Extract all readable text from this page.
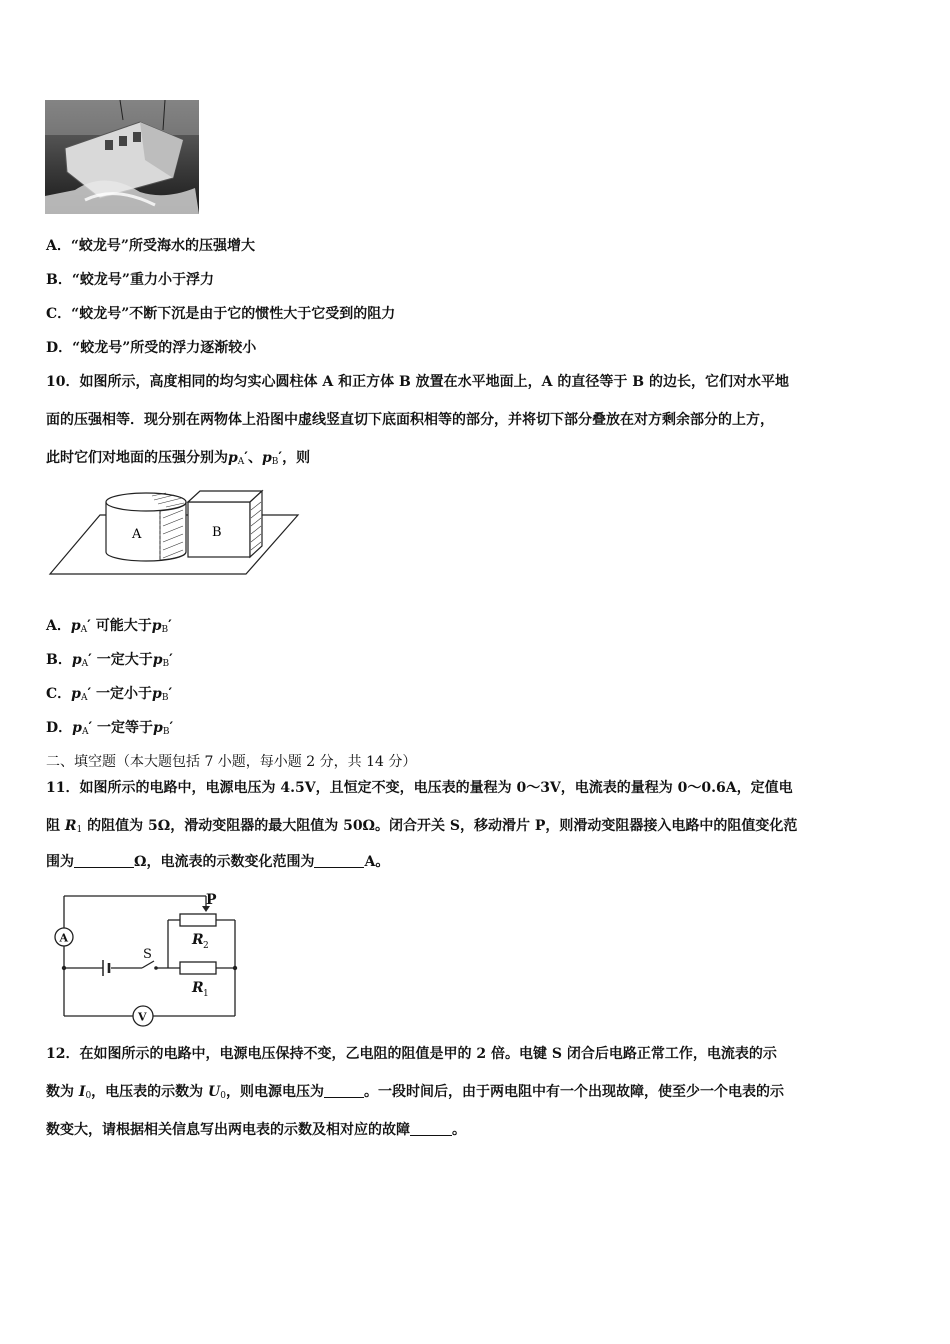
A．“蛟龙号”所受海水的压强增大
B．“蛟龙号”重力小于浮力
C．“蛟龙号”不断下沉是由于它的惯性大于它受到的阻力
D．“蛟龙号”所受的浮力逐渐较小
10．如图所示，高度相同的均匀实心圆柱体 A 和正方体 B 放置在水平地面上，A 的直径等于 B 的边长，它们对水平地
面的压强相等．现分别在两物体上沿图中虚线竖直切下底面积相等的部分，并将切下部分叠放在对方剩余部分的上方，
此时它们对地面的压强分别为$p_A'$、$p_B'$，则
A	B
A．$p_A'$ 可能大于$p_B'$
B．$p_A'$ 一定大于$p_B'$
C．$p_A'$ 一定小于$p_B'$
D．$p_A'$ 一定等于$p_B'$
二、填空题（本大题包括 7 小题，每小题 2 分，共 14 分）
11．如图所示的电路中，电源电压为 4.5V，且恒定不变，电压表的量程为 0～3V，电流表的量程为 0～0.6A，定值电
阻 $R_1$ 的阻值为 5Ω，滑动变阻器的最大阻值为 50Ω。闭合开关 S，移动滑片 P，则滑动变阻器接入电路中的阻值变化范
围为	Ω，电流表的示数变化范围为	A。
A
V
S
P
R 2
R 1
12．在如图所示的电路中，电源电压保持不变，乙电阻的阻值是甲的 2 倍。电键 S 闭合后电路正常工作，电流表的示
数为 $I_0$，电压表的示数为 $U_0$，则电源电压为	。一段时间后，由于两电阻中有一个出现故障，使至少一个电表的示
数变大，请根据相关信息写出两电表的示数及相对应的故障	。
